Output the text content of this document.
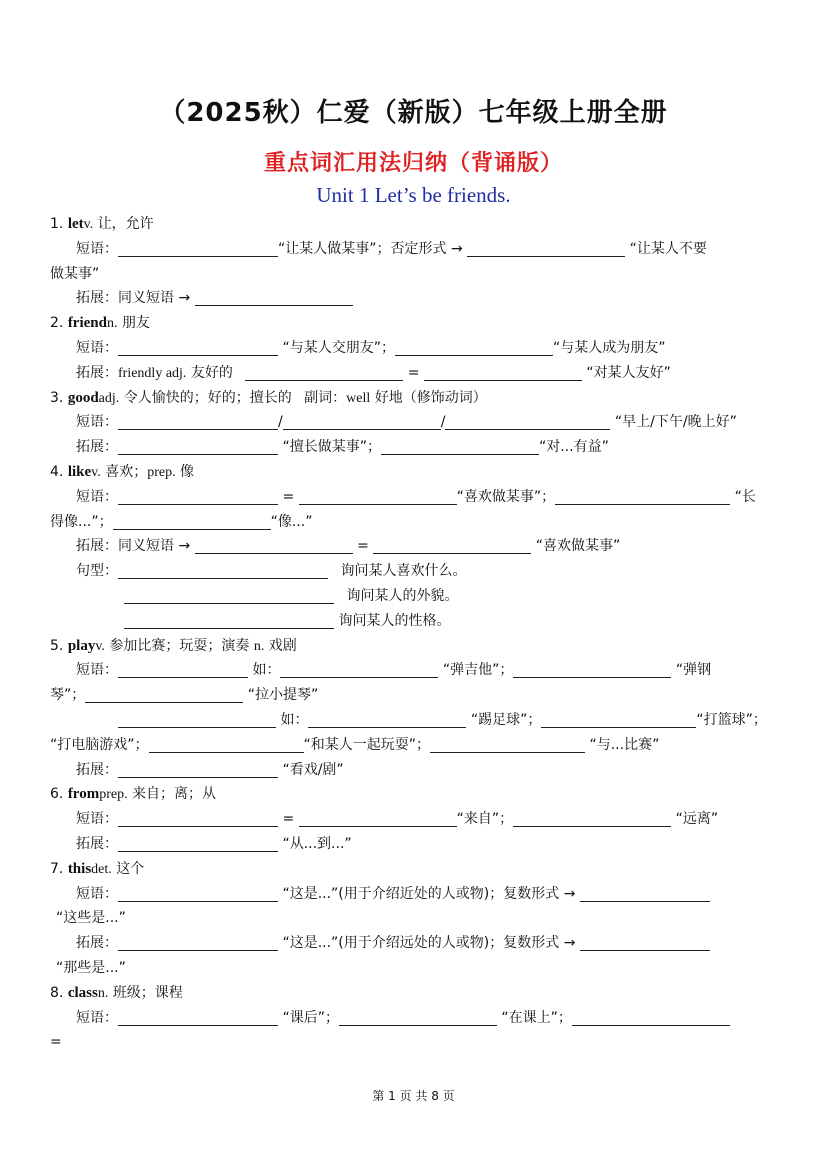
（2025秋）仁爱（新版）七年级上册全册
重点词汇用法归纳（背诵版）
Unit 1 Let’s be friends.
1. letv. 让，允许
短语：	“让某人做某事”；否定形式 →	“让某人不要
做某事”
拓展：同义短语 →
2. friendn. 朋友
短语：	“与某人交朋友”；	“与某人成为朋友”
拓展：friendly adj. 友好的	=	“对某人友好”
3. goodadj. 令人愉快的；好的；擅长的 副词：well 好地（修饰动词）
短语：	/	/	“早上/下午/晚上好”
拓展：	“擅长做某事”；	“对...有益”
4. likev. 喜欢；prep. 像
短语：	=	“喜欢做某事”；	“长
得像...”；	“像...”
拓展：同义短语 →	=	“喜欢做某事”
句型：	询问某人喜欢什么。
询问某人的外貌。
询问某人的性格。
5. playv. 参加比赛；玩耍；演奏 n. 戏剧
短语：	如：	“弹吉他”；	“弹钢
琴”；	“拉小提琴”
如：	“踢足球”；	“打篮球”；
“打电脑游戏”；	“和某人一起玩耍”；	“与...比赛”
拓展：	“看戏/剧”
6. fromprep. 来自；离；从
短语：	=	“来自”；	“远离”
拓展：	“从...到...”
7. thisdet. 这个
短语：	“这是...”(用于介绍近处的人或物)；复数形式 →
“这些是...”
拓展：	“这是...”(用于介绍远处的人或物)；复数形式 →
“那些是...”
8. classn. 班级；课程
短语：	“课后”；	“在课上”；
=
第 1 页 共 8 页
